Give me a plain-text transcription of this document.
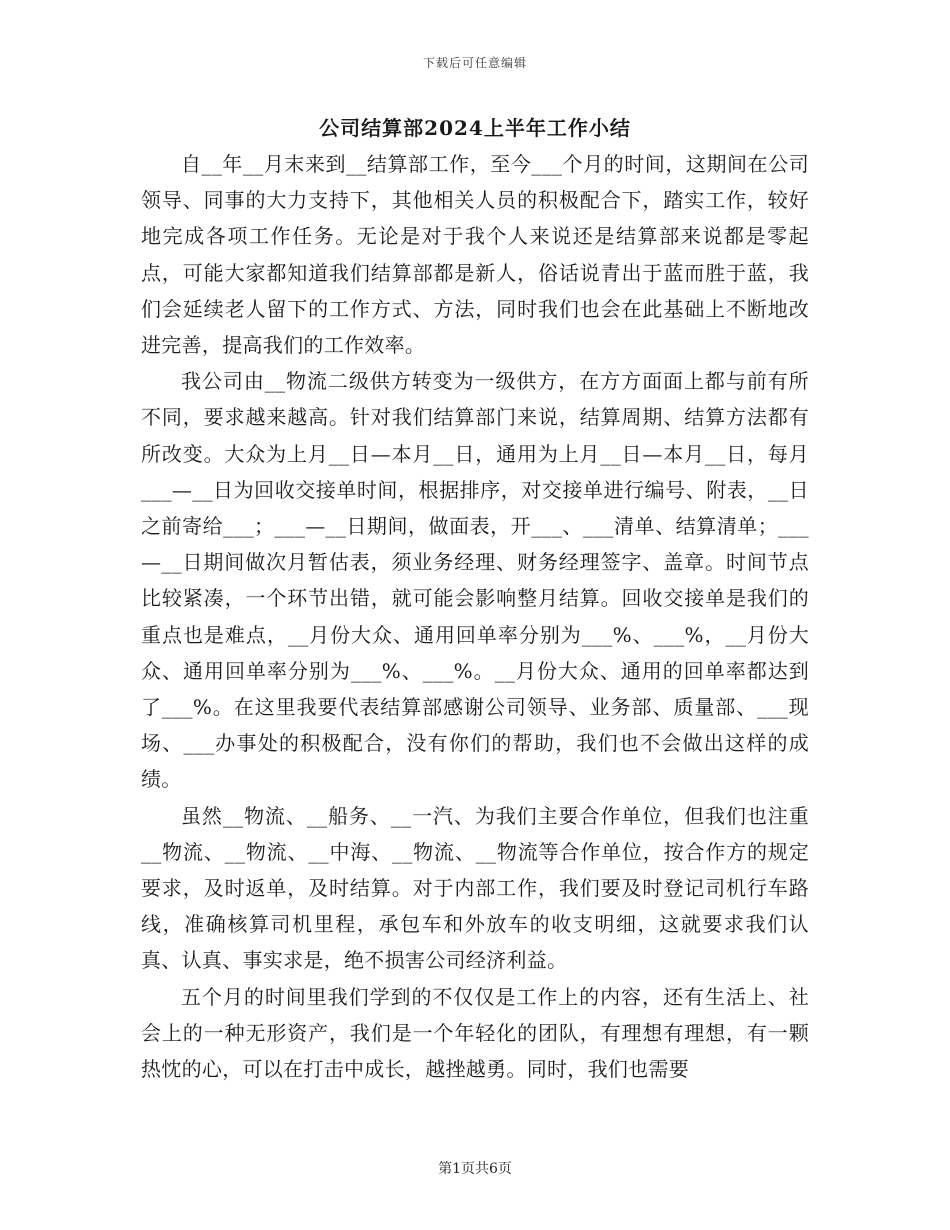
下载后可任意编辑
公司结算部2024上半年工作小结

自__年__月末来到__结算部工作，至今___个月的时间，这期间在公司领导、同事的大力支持下，其他相关人员的积极配合下，踏实工作，较好地完成各项工作任务。无论是对于我个人来说还是结算部来说都是零起点，可能大家都知道我们结算部都是新人，俗话说青出于蓝而胜于蓝，我们会延续老人留下的工作方式、方法，同时我们也会在此基础上不断地改进完善，提高我们的工作效率。

我公司由__物流二级供方转变为一级供方，在方方面面上都与前有所不同，要求越来越高。针对我们结算部门来说，结算周期、结算方法都有所改变。大众为上月__日—本月__日，通用为上月__日—本月__日，每月___—__日为回收交接单时间，根据排序，对交接单进行编号、附表，__日之前寄给___；___—__日期间，做面表，开___、___清单、结算清单；___—__日期间做次月暂估表，须业务经理、财务经理签字、盖章。时间节点比较紧凑，一个环节出错，就可能会影响整月结算。回收交接单是我们的重点也是难点，__月份大众、通用回单率分别为___%、___%，__月份大众、通用回单率分别为___%、___%。__月份大众、通用的回单率都达到了___%。在这里我要代表结算部感谢公司领导、业务部、质量部、___现场、___办事处的积极配合，没有你们的帮助，我们也不会做出这样的成绩。

虽然__物流、__船务、__一汽、为我们主要合作单位，但我们也注重__物流、__物流、__中海、__物流、__物流等合作单位，按合作方的规定要求，及时返单，及时结算。对于内部工作，我们要及时登记司机行车路线，准确核算司机里程，承包车和外放车的收支明细，这就要求我们认真、认真、事实求是，绝不损害公司经济利益。

五个月的时间里我们学到的不仅仅是工作上的内容，还有生活上、社会上的一种无形资产，我们是一个年轻化的团队，有理想有理想，有一颗热忱的心，可以在打击中成长，越挫越勇。同时，我们也需要

第1页共6页
